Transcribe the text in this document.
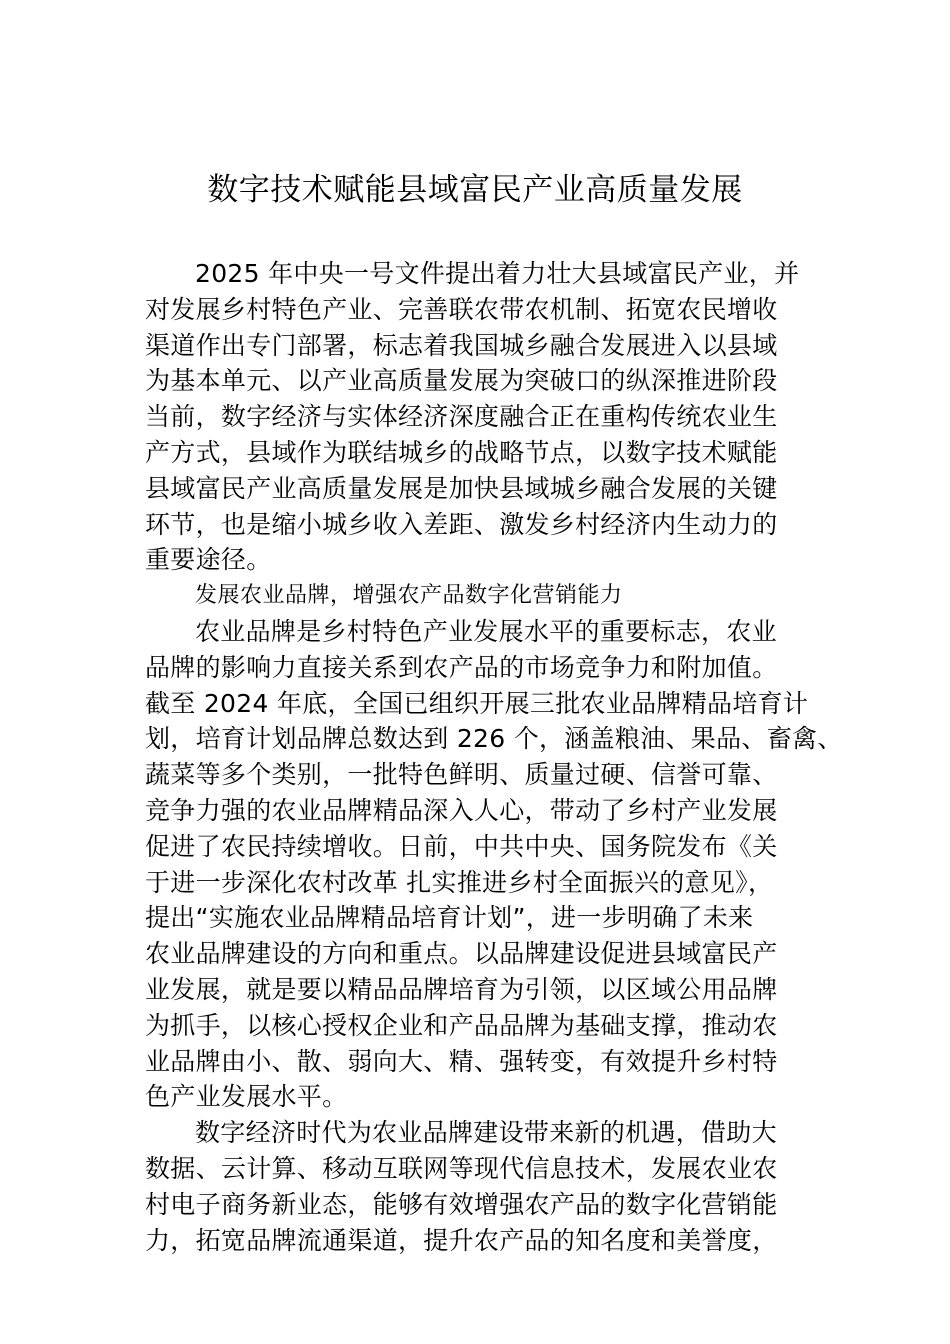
数字技术赋能县域富民产业高质量发展
2025 年中央一号文件提出着力壮大县域富民产业，并
对发展乡村特色产业、完善联农带农机制、拓宽农民增收
渠道作出专门部署，标志着我国城乡融合发展进入以县域
为基本单元、以产业高质量发展为突破口的纵深推进阶段
当前，数字经济与实体经济深度融合正在重构传统农业生
产方式，县域作为联结城乡的战略节点，以数字技术赋能
县域富民产业高质量发展是加快县域城乡融合发展的关键
环节，也是缩小城乡收入差距、激发乡村经济内生动力的
重要途径。
发展农业品牌，增强农产品数字化营销能力
农业品牌是乡村特色产业发展水平的重要标志，农业
品牌的影响力直接关系到农产品的市场竞争力和附加值。
截至 2024 年底，全国已组织开展三批农业品牌精品培育计
划，培育计划品牌总数达到 226 个，涵盖粮油、果品、畜禽、
蔬菜等多个类别，一批特色鲜明、质量过硬、信誉可靠、
竞争力强的农业品牌精品深入人心，带动了乡村产业发展
促进了农民持续增收。日前，中共中央、国务院发布《关
于进一步深化农村改革 扎实推进乡村全面振兴的意见》，
提出“实施农业品牌精品培育计划”，进一步明确了未来
农业品牌建设的方向和重点。以品牌建设促进县域富民产
业发展，就是要以精品品牌培育为引领，以区域公用品牌
为抓手，以核心授权企业和产品品牌为基础支撑，推动农
业品牌由小、散、弱向大、精、强转变，有效提升乡村特
色产业发展水平。
数字经济时代为农业品牌建设带来新的机遇，借助大
数据、云计算、移动互联网等现代信息技术，发展农业农
村电子商务新业态，能够有效增强农产品的数字化营销能
力，拓宽品牌流通渠道，提升农产品的知名度和美誉度，
